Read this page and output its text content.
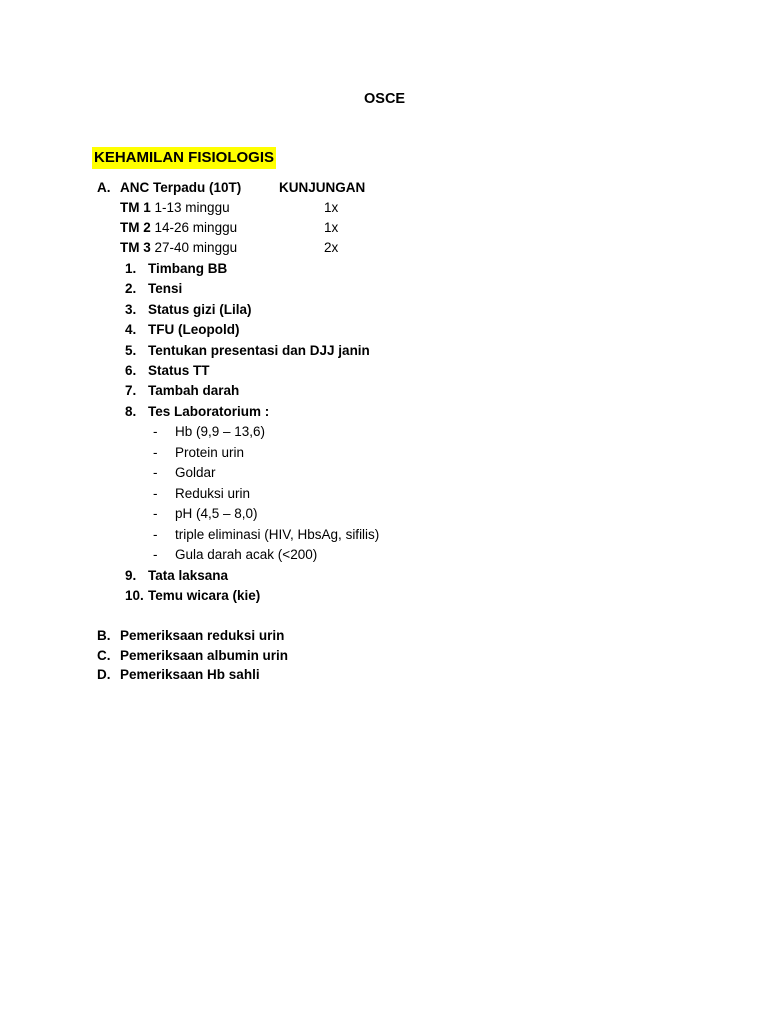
OSCE
KEHAMILAN FISIOLOGIS
A. ANC Terpadu (10T)	KUNJUNGAN
TM 1 1-13 minggu	1x
TM 2 14-26 minggu	1x
TM 3 27-40 minggu	2x
1. Timbang BB
2. Tensi
3. Status gizi (Lila)
4. TFU (Leopold)
5. Tentukan presentasi dan DJJ janin
6. Status TT
7. Tambah darah
8. Tes Laboratorium :
- Hb (9,9 – 13,6)
- Protein urin
- Goldar
- Reduksi urin
- pH (4,5 – 8,0)
- triple eliminasi (HIV, HbsAg, sifilis)
- Gula darah acak (<200)
9. Tata laksana
10. Temu wicara (kie)
B. Pemeriksaan reduksi urin
C. Pemeriksaan albumin urin
D. Pemeriksaan Hb sahli
